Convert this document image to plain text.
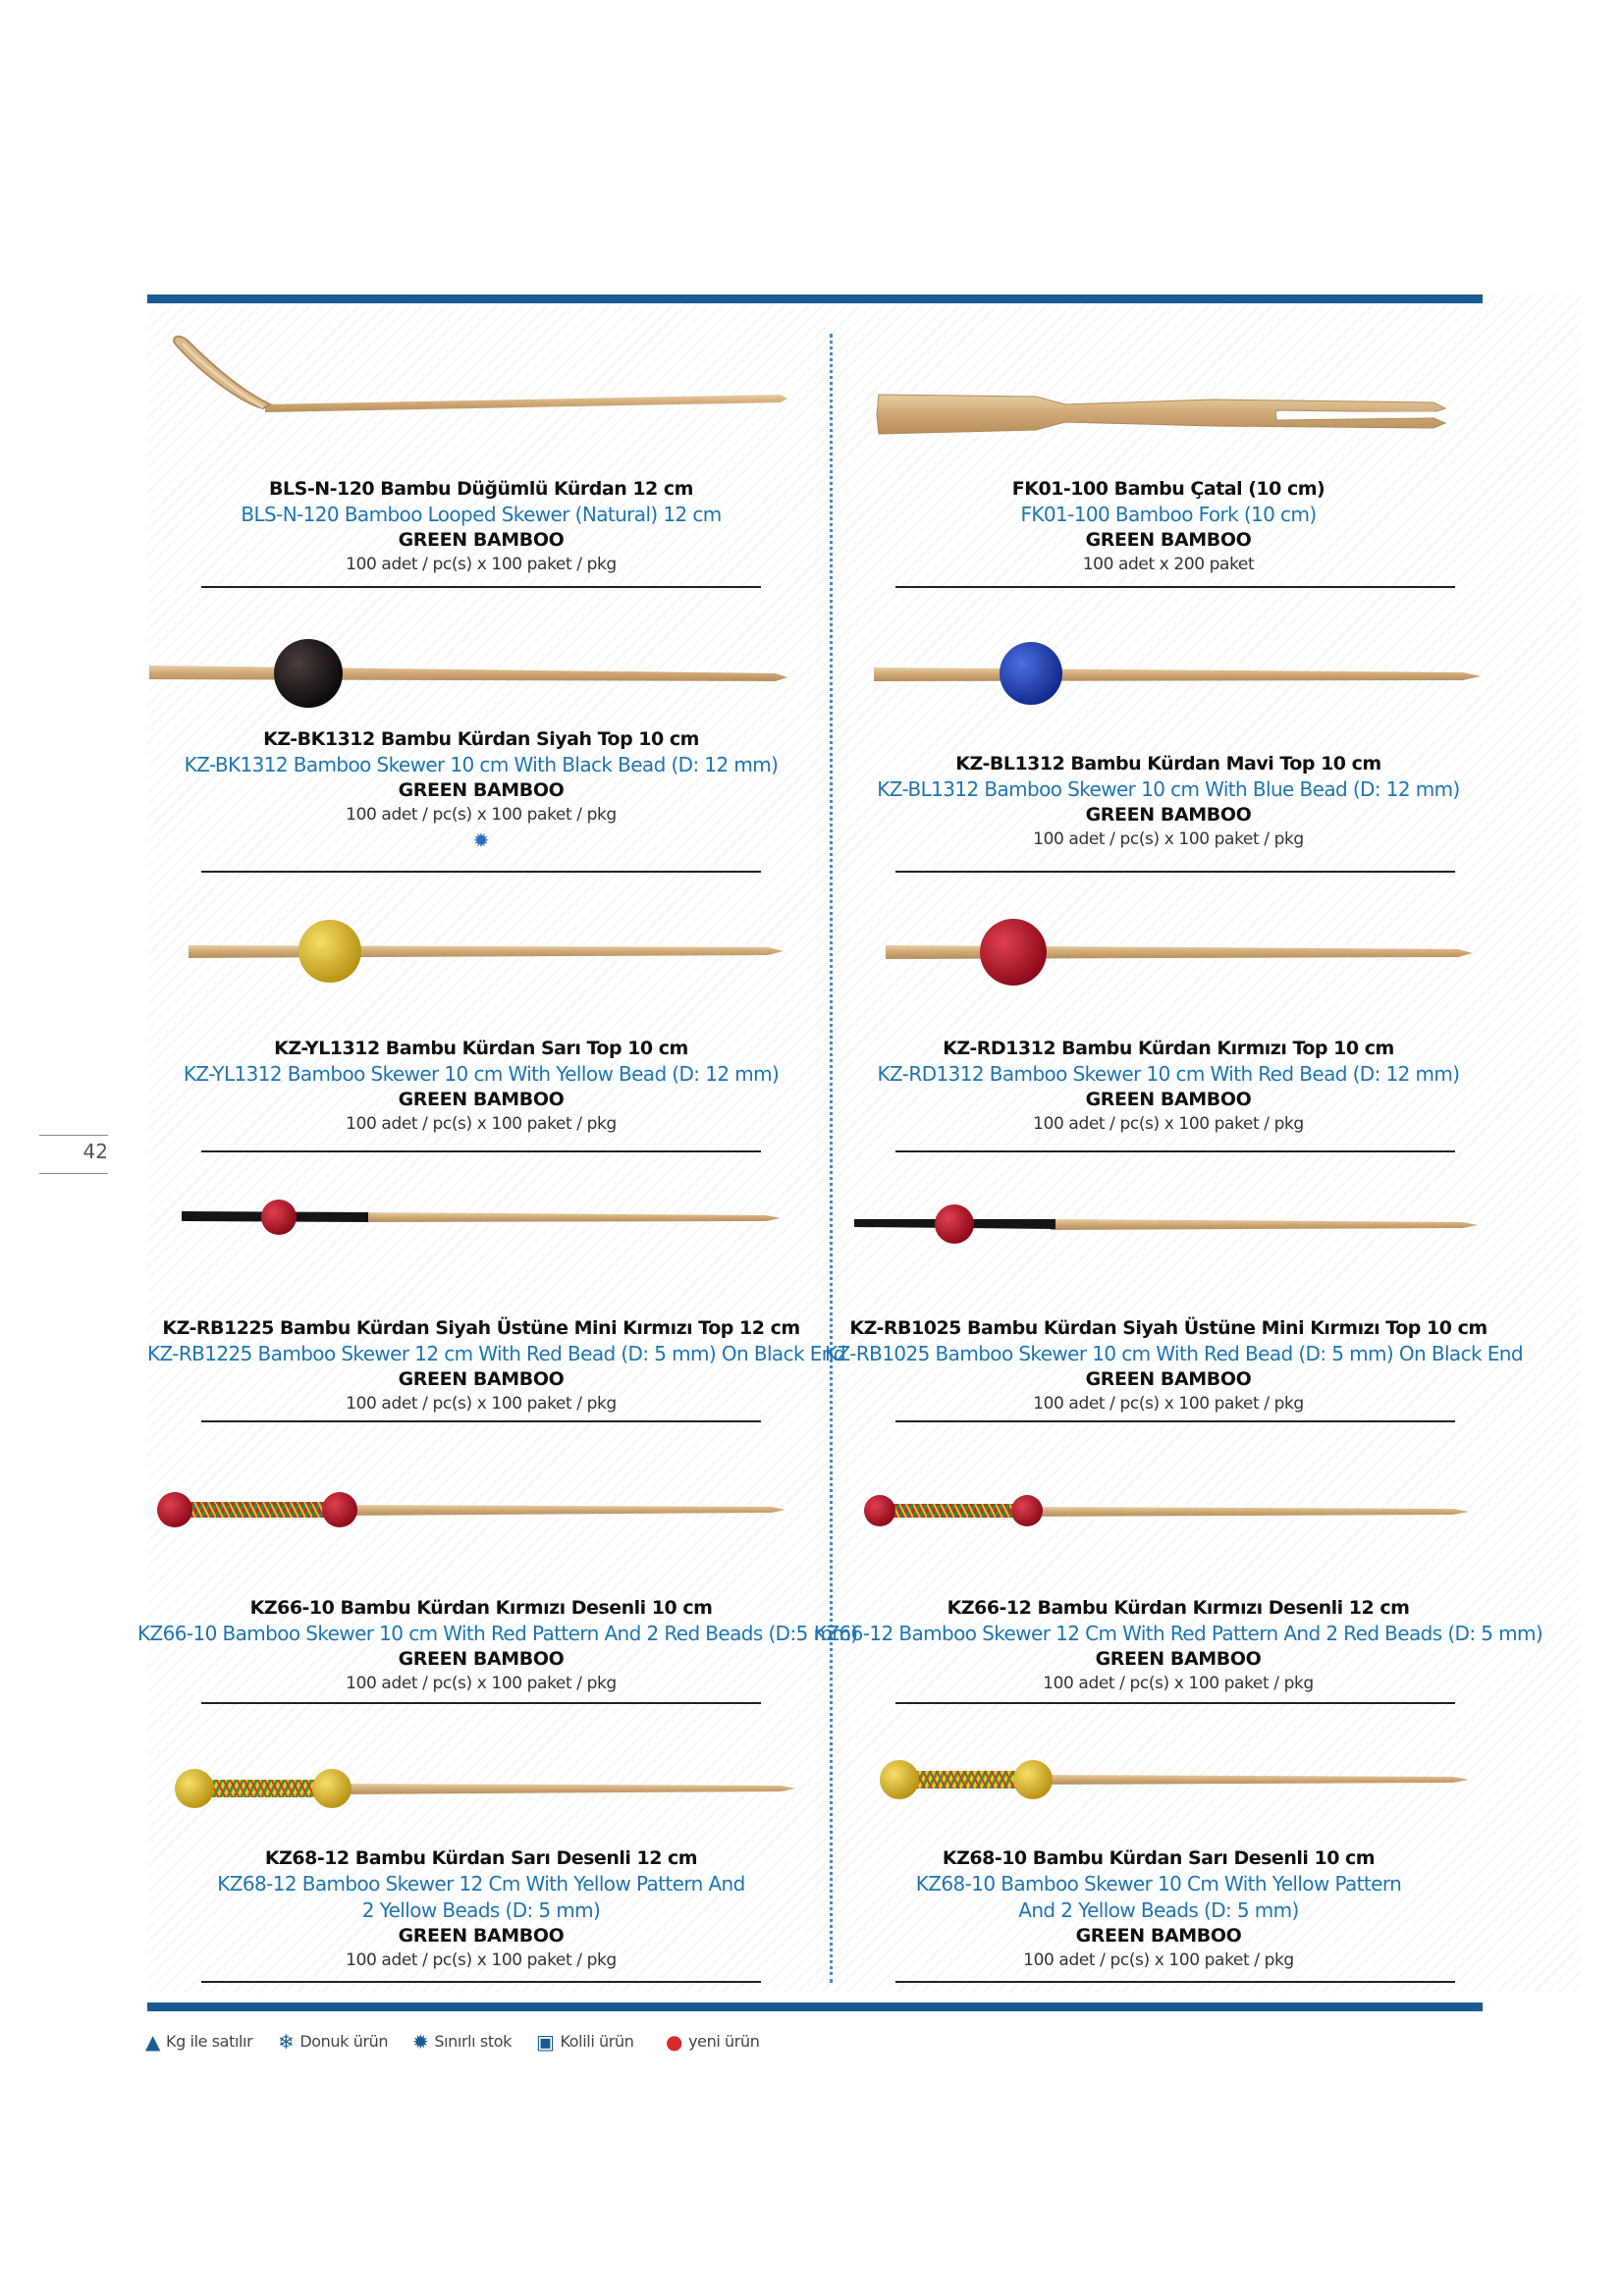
BLS-N-120 Bambu Düğümlü Kürdan 12 cm
BLS-N-120 Bamboo Looped Skewer (Natural) 12 cm
GREEN BAMBOO
100 adet / pc(s) x 100 paket / pkg
FK01-100 Bambu Çatal (10 cm)
FK01-100 Bamboo Fork (10 cm)
GREEN BAMBOO
100 adet x 200 paket
KZ-BK1312 Bambu Kürdan Siyah Top 10 cm
KZ-BK1312 Bamboo Skewer 10 cm With Black Bead (D: 12 mm)
GREEN BAMBOO
100 adet / pc(s) x 100 paket / pkg
✹
KZ-BL1312 Bambu Kürdan Mavi Top 10 cm
KZ-BL1312 Bamboo Skewer 10 cm With Blue Bead (D: 12 mm)
GREEN BAMBOO
100 adet / pc(s) x 100 paket / pkg
KZ-YL1312 Bambu Kürdan Sarı Top 10 cm
KZ-YL1312 Bamboo Skewer 10 cm With Yellow Bead (D: 12 mm)
GREEN BAMBOO
100 adet / pc(s) x 100 paket / pkg
KZ-RD1312 Bambu Kürdan Kırmızı Top 10 cm
KZ-RD1312 Bamboo Skewer 10 cm With Red Bead (D: 12 mm)
GREEN BAMBOO
100 adet / pc(s) x 100 paket / pkg
KZ-RB1225 Bambu Kürdan Siyah Üstüne Mini Kırmızı Top 12 cm
KZ-RB1225 Bamboo Skewer 12 cm With Red Bead (D: 5 mm) On Black End
GREEN BAMBOO
100 adet / pc(s) x 100 paket / pkg
KZ-RB1025 Bambu Kürdan Siyah Üstüne Mini Kırmızı Top 10 cm
KZ-RB1025 Bamboo Skewer 10 cm With Red Bead (D: 5 mm) On Black End
GREEN BAMBOO
100 adet / pc(s) x 100 paket / pkg
KZ66-10 Bambu Kürdan Kırmızı Desenli 10 cm
KZ66-10 Bamboo Skewer 10 cm With Red Pattern And 2 Red Beads (D:5 mm)
GREEN BAMBOO
100 adet / pc(s) x 100 paket / pkg
KZ66-12 Bambu Kürdan Kırmızı Desenli 12 cm
KZ66-12 Bamboo Skewer 12 Cm With Red Pattern And 2 Red Beads (D: 5 mm)
GREEN BAMBOO
100 adet / pc(s) x 100 paket / pkg
KZ68-12 Bambu Kürdan Sarı Desenli 12 cm
KZ68-12 Bamboo Skewer 12 Cm With Yellow Pattern And 2 Yellow Beads (D: 5 mm)
GREEN BAMBOO
100 adet / pc(s) x 100 paket / pkg
KZ68-10 Bambu Kürdan Sarı Desenli 10 cm
KZ68-10 Bamboo Skewer 10 Cm With Yellow Pattern And 2 Yellow Beads (D: 5 mm)
GREEN BAMBOO
100 adet / pc(s) x 100 paket / pkg
42
▲ Kg ile satılır ❄ Donuk ürün ✹ Sınırlı stok ▣ Kolili ürün ● yeni ürün
